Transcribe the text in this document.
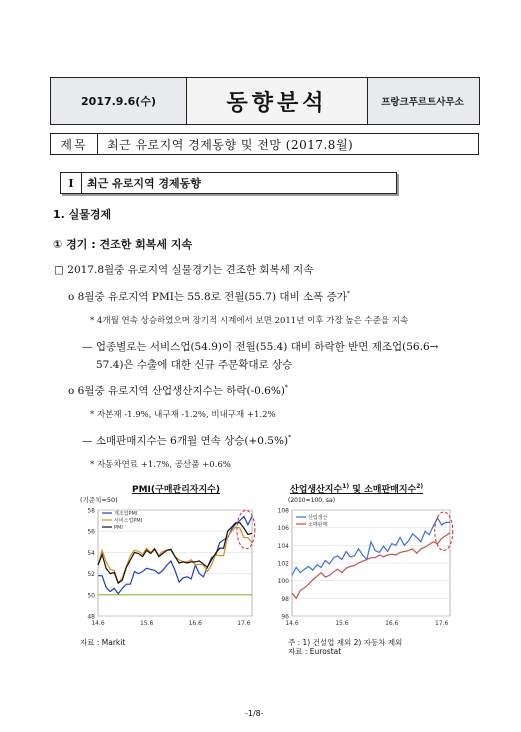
2017.9.6(수)	동향분석	프랑크푸르트사무소
제목	최근 유로지역 경제동향 및 전망 (2017.8월)
I	최근 유로지역 경제동향
1. 실물경제
① 경기 : 견조한 회복세 지속
□ 2017.8월중 유로지역 실물경기는 견조한 회복세 지속
o 8월중 유로지역 PMI는 55.8로 전월(55.7) 대비 소폭 증가*
* 4개월 연속 상승하였으며 장기적 시계에서 보면 2011년 이후 가장 높은 수준을 지속
— 업종별로는 서비스업(54.9)이 전월(55.4) 대비 하락한 반면 제조업(56.6→
57.4)은 수출에 대한 신규 주문확대로 상승
o 6월중 유로지역 산업생산지수는 하락(-0.6%)*
* 자본재 -1.9%, 내구재 -1.2%, 비내구재 +1.2%
— 소매판매지수는 6개월 연속 상승(+0.5%)*
* 자동차연료 +1.7%, 공산품 +0.6%
PMI(구매관리자지수)
(기준치=50)
48
50
52
54
56
58
14.6	15.6	16.6	17.6
제조업PMI
서비스업PMI
PMI
자료 : Markit
산업생산지수$^{1)}$ 및 소매판매지수$^{2)}$
(2010=100, sa)
96
98
100
102
104
106
108
14.6	15.6	16.6	17.6
산업생산
소매판매
주 : 1) 건설업 제외 2) 자동차 제외
자료 : Eurostat
-1/8-
